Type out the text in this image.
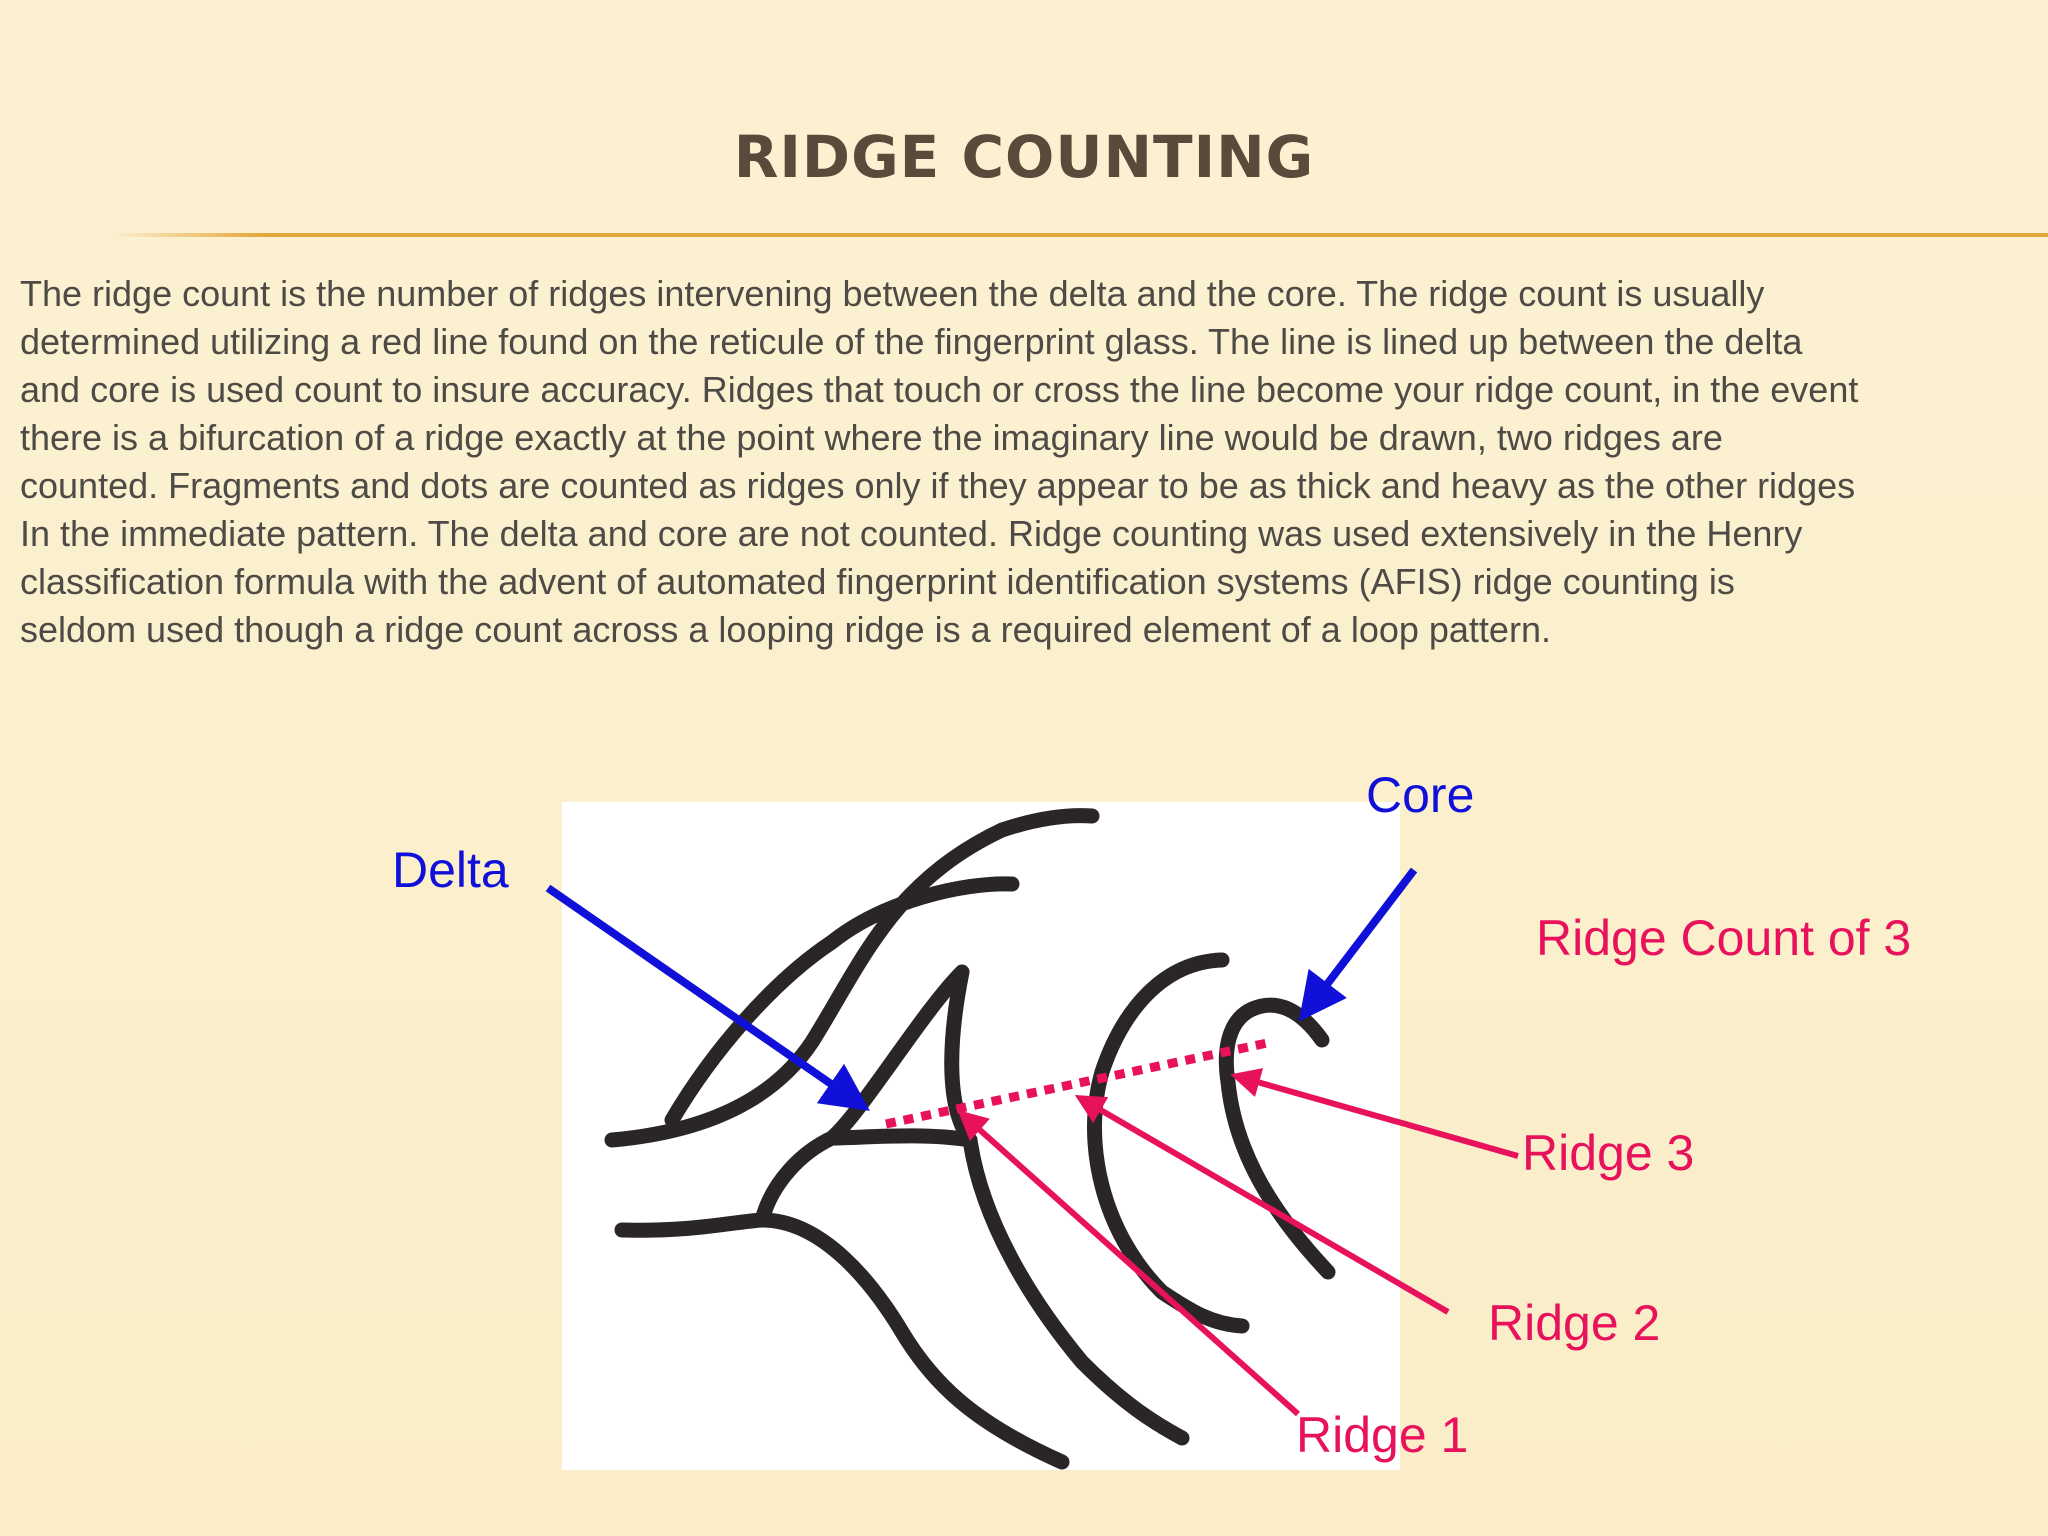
RIDGE COUNTING

The ridge count is the number of ridges intervening between the delta and the core. The ridge count is usually

determined utilizing a red line found on the reticule of the fingerprint glass. The line is lined up between the delta

and core is used count to insure accuracy. Ridges that touch or cross the line become your ridge count, in the event

there is a bifurcation of a ridge exactly at the point where the imaginary line would be drawn, two ridges are

counted. Fragments and dots are counted as ridges only if they appear to be as thick and heavy as the other ridges

In the immediate pattern. The delta and core are not counted. Ridge counting was used extensively in the Henry

classification formula with the advent of automated fingerprint identification systems (AFIS) ridge counting is

seldom used though a ridge count across a looping ridge is a required element of a loop pattern.

Delta
Core
Ridge Count of 3
Ridge 3
Ridge 2
Ridge 1
